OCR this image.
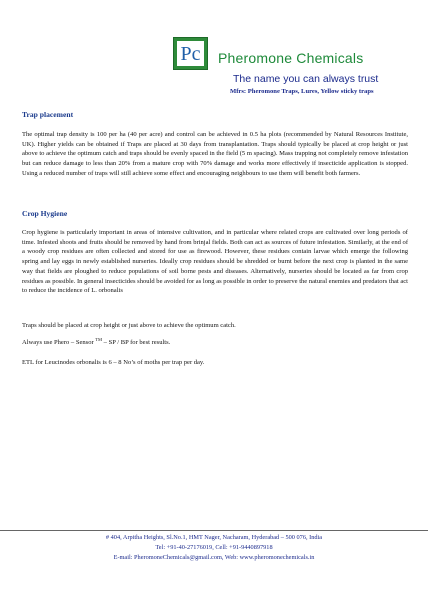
Pc Pheromone Chemicals
The name you can always trust
Mfrs: Pheromone Traps, Lures, Yellow sticky traps
Trap placement
The optimal trap density is 100 per ha (40 per acre) and control can be achieved in 0.5 ha plots (recommended by Natural Resources Institute, UK). Higher yields can be obtained if Traps are placed at 30 days from transplantation. Traps should typically be placed at crop height or just above to achieve the optimum catch and traps should be evenly spaced in the field (5 m spacing). Mass trapping not completely remove infestation but can reduce damage to less than 20% from a mature crop with 70% damage and works more effectively if insecticide application is stopped. Using a reduced number of traps will still achieve some effect and encouraging neighbours to use them will benefit both farmers.
Crop Hygiene
Crop hygiene is particularly important in areas of intensive cultivation, and in particular where related crops are cultivated over long periods of time. Infested shoots and fruits should be removed by hand from brinjal fields. Both can act as sources of future infestation. Similarly, at the end of a woody crop residues are often collected and stored for use as firewood. However, these residues contain larvae which emerge the following spring and lay eggs in newly established nurseries. Ideally crop residues should be shredded or burnt before the next crop is planted in the same way that fields are ploughed to reduce populations of soil borne pests and diseases. Alternatively, nurseries should be located as far from crop residues as possible. In general insecticides should be avoided for as long as possible in order to preserve the natural enemies and predators that act to reduce the incidence of L. orbonalis
Traps should be placed at crop height or just above to achieve the optimum catch.
Always use Phero – Sensor ™ – SP / BP for best results.
ETL for Leucinodes orbonalis is 6 – 8 No’s of moths per trap per day.
# 404, Arpitha Heights, Sl.No.1, HMT Nager, Nacharam, Hyderabad – 500 076, India
Tel: +91-40-27176019, Cell: +91-9440897918
E-mail: PheromoneChemicals@gmail.com, Web: www.pheromonechemicals.in
